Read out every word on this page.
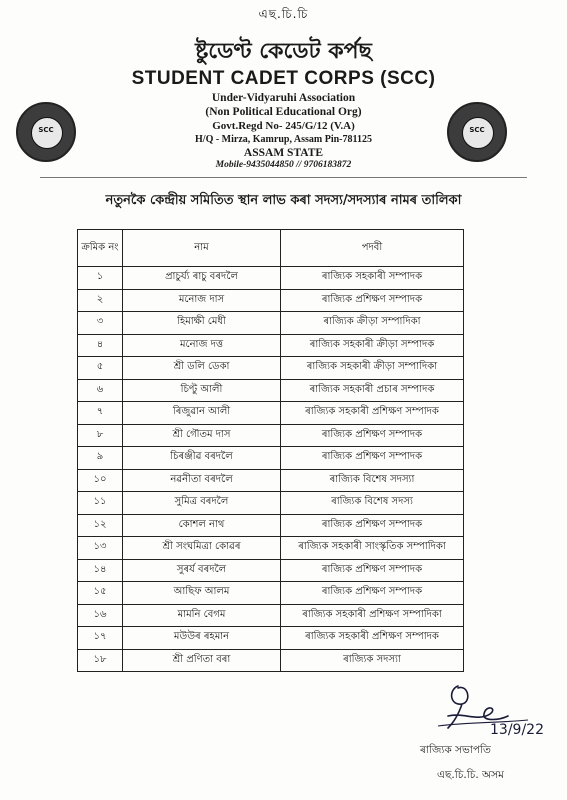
এছ.চি.চি
ষ্টুডেণ্ট কেডেট কৰ্পছ
STUDENT CADET CORPS (SCC)
Under-Vidyaruhi Association
(Non Political Educational Org)
Govt.Regd No- 245/G/12 (V.A)
H/Q - Mirza, Kamrup, Assam Pin-781125
ASSAM STATE
Mobile-9435044850 // 9706183872
SCC	SCC
নতুনকৈ কেন্দ্ৰীয় সমিতিত স্থান লাভ কৰা সদস্য/সদস্যাৰ নামৰ তালিকা
ক্ৰমিক নং	নাম	পদবী
১	প্ৰাচুৰ্য্য ৰাচু বৰদলৈ	ৰাজ্যিক সহকাৰী সম্পাদক
২	মনোজ দাস	ৰাজ্যিক প্ৰশিক্ষণ সম্পাদক
৩	হিমাক্ষী মেধী	ৰাজ্যিক ক্ৰীড়া সম্পাদিকা
৪	মনোজ দত্ত	ৰাজ্যিক সহকাৰী ক্ৰীড়া সম্পাদক
৫	শ্ৰী ডলি ডেকা	ৰাজ্যিক সহকাৰী ক্ৰীড়া সম্পাদিকা
৬	চিণ্টু আলী	ৰাজ্যিক সহকাৰী প্ৰচাৰ সম্পাদক
৭	ৰিজুৱান আলী	ৰাজ্যিক সহকাৰী প্ৰশিক্ষণ সম্পাদক
৮	শ্ৰী গৌতম দাস	ৰাজ্যিক প্ৰশিক্ষণ সম্পাদক
৯	চিৰঞ্জীৱ বৰদলৈ	ৰাজ্যিক প্ৰশিক্ষণ সম্পাদক
১০	নৱনীতা বৰদলৈ	ৰাজ্যিক বিশেষ সদস্যা
১১	সুমিত্ৰ বৰদলৈ	ৰাজ্যিক বিশেষ সদস্য
১২	কোশল নাথ	ৰাজ্যিক প্ৰশিক্ষণ সম্পাদক
১৩	শ্ৰী সংঘমিত্ৰা কোৱৰ	ৰাজ্যিক সহকাৰী সাংস্কৃতিক সম্পাদিকা
১৪	সুৰৰ্য বৰদলৈ	ৰাজ্যিক প্ৰশিক্ষণ সম্পাদক
১৫	আছিফ আলম	ৰাজ্যিক প্ৰশিক্ষণ সম্পাদক
১৬	মামনি বেগম	ৰাজ্যিক সহকাৰী প্ৰশিক্ষণ সম্পাদিকা
১৭	মউউৰ ৰহমান	ৰাজ্যিক সহকাৰী প্ৰশিক্ষণ সম্পাদক
১৮	শ্ৰী প্ৰণিতা বৰা	ৰাজ্যিক সদস্যা
13/9/22
ৰাজ্যিক সভাপতি
এছ.চি.চি. অসম
